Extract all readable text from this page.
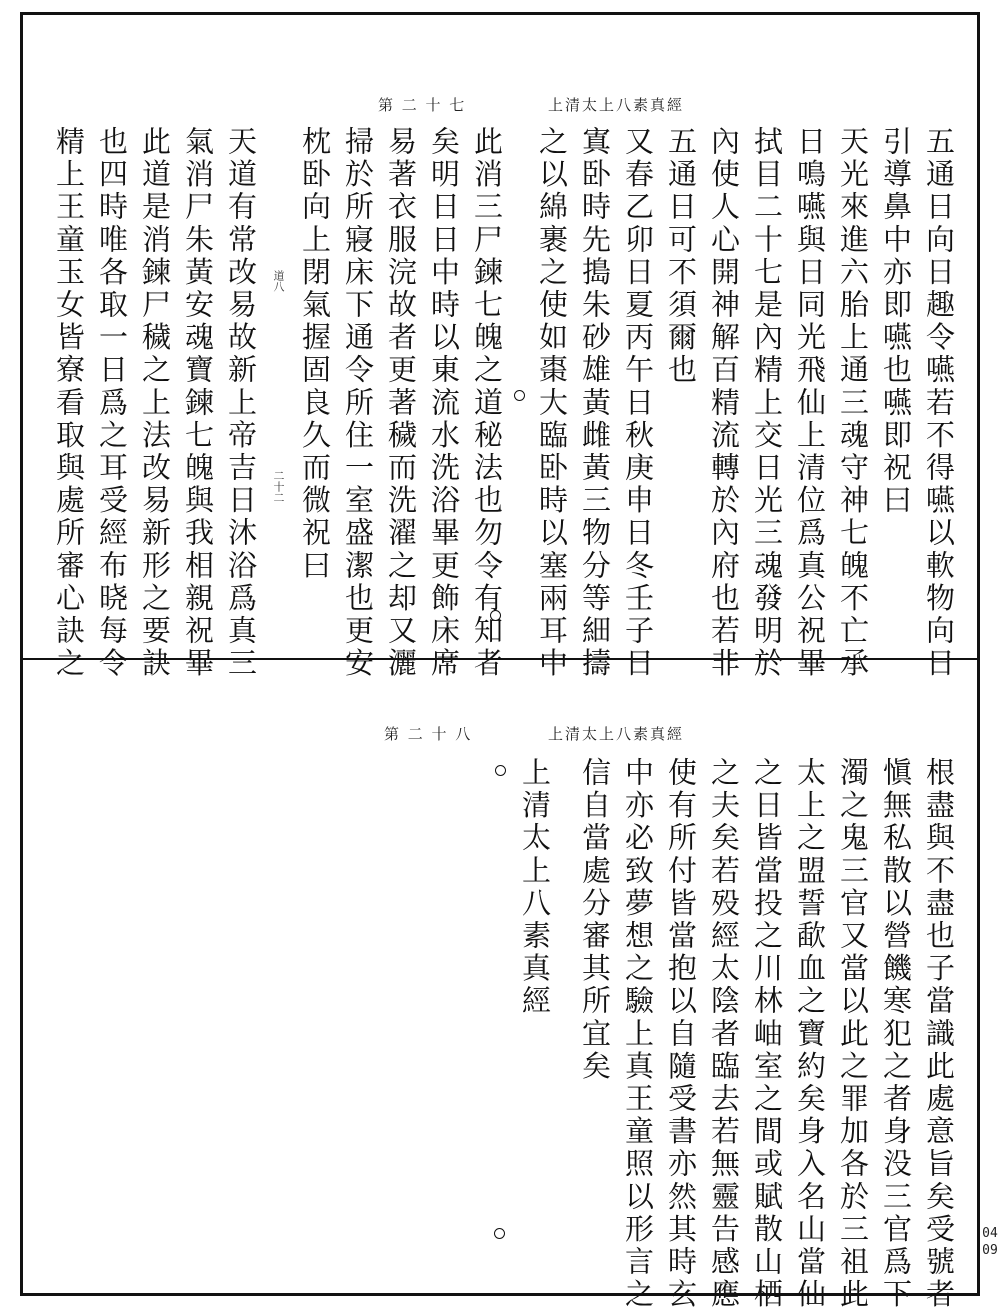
0409
上清太上八素真經
第 二 十 七
五通日向日趣令嚥若不得嚥以軟物向日
引導鼻中亦即嚥也嚥即祝曰
天光來進六胎上通三魂守神七魄不亡承
日鳴嚥與日同光飛仙上清位爲真公祝畢
拭目二十七是內精上交日光三魂發明於
內使人心開神解百精流轉於內府也若非
五通日可不須爾也
又春乙卯日夏丙午日秋庚申日冬壬子日
寘卧時先搗朱砂雄黃雌黃三物分等細擣
之以綿裹之使如棗大臨卧時以塞兩耳中
此消三尸鍊七魄之道秘法也勿令有知者
矣明日日中時以東流水洗浴畢更飾床席
易著衣服浣故者更著穢而洗濯之却又灑
掃於所寢床下通令所住一室盛潔也更安
枕卧向上閉氣握固良久而微祝曰
天道有常改易故新上帝吉日沐浴爲真三
氣消尸朱黃安魂寶鍊七魄與我相親祝畢
此道是消鍊尸穢之上法改易新形之要訣
也四時唯各取一日爲之耳受經布晓每令
精上王童玉女皆寮看取與處所審心訣之	道八
二十二
上清太上八素真經
第 二 十 八
根盡與不盡也子當識此處意旨矣受號者
愼無私散以營饑寒犯之者身没三官爲下
濁之鬼三官又當以此之罪加各於三祖此
太上之盟誓歃血之寶約矣身入名山當仙
之日皆當投之川林岫室之間或賦散山栖
之夫矣若殁經太陰者臨去若無靈告感應
使有所付皆當抱以自隨受書亦然其時玄
中亦必致夢想之驗上真王童照以形言之
信自當處分審其所宜矣
上清太上八素真經
